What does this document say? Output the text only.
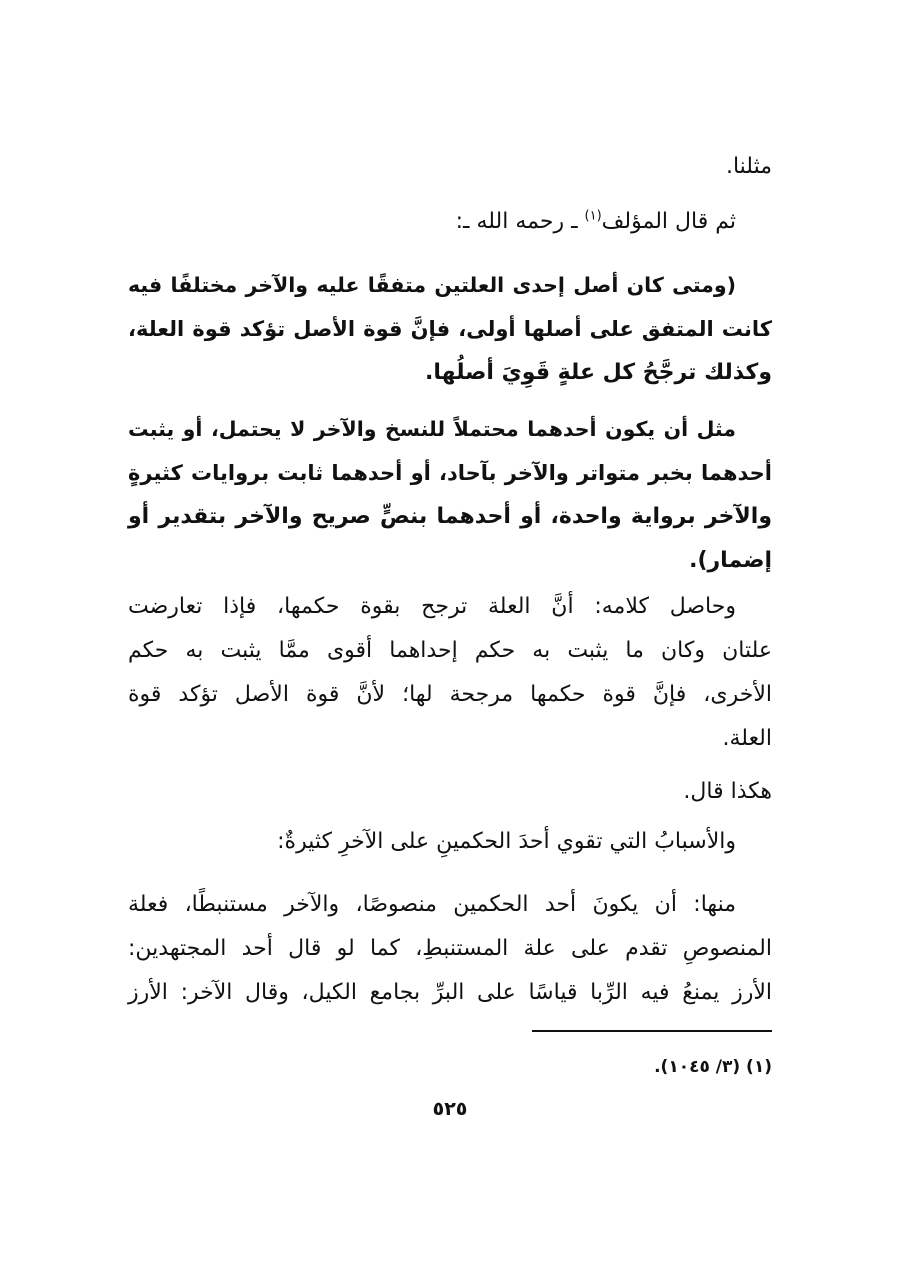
مثلنا.
ثم قال المؤلف$^{(١)}$ ـ رحمه الله ـ:
(ومتى كان أصل إحدى العلتين متفقًا عليه والآخر مختلفًا فيه
كانت المتفق على أصلها أولى، فإنَّ قوة الأصل تؤكد قوة العلة،
وكذلك ترجَّحُ كل علةٍ قَوِيَ أصلُها.
مثل أن يكون أحدهما محتملاً للنسخ والآخر لا يحتمل، أو يثبت
أحدهما بخبر متواتر والآخر بآحاد، أو أحدهما ثابت بروايات كثيرةٍ
والآخر برواية واحدة، أو أحدهما بنصٍّ صريح والآخر بتقدير أو
إضمار).
وحاصل كلامه: أنَّ العلة ترجح بقوة حكمها، فإذا تعارضت
علتان وكان ما يثبت به حكم إحداهما أقوى ممَّا يثبت به حكم
الأخرى، فإنَّ قوة حكمها مرجحة لها؛ لأنَّ قوة الأصل تؤكد قوة
العلة.
هكذا قال.
والأسبابُ التي تقوي أحدَ الحكمينِ على الآخرِ كثيرةٌ:
منها: أن يكونَ أحد الحكمين منصوصًا، والآخر مستنبطًا، فعلة
المنصوصِ تقدم على علة المستنبطِ، كما لو قال أحد المجتهدين:
الأرز يمنعُ فيه الرِّبا قياسًا على البرِّ بجامع الكيل، وقال الآخر: الأرز
(١) (٣/ ١٠٤٥).
٥٢٥
